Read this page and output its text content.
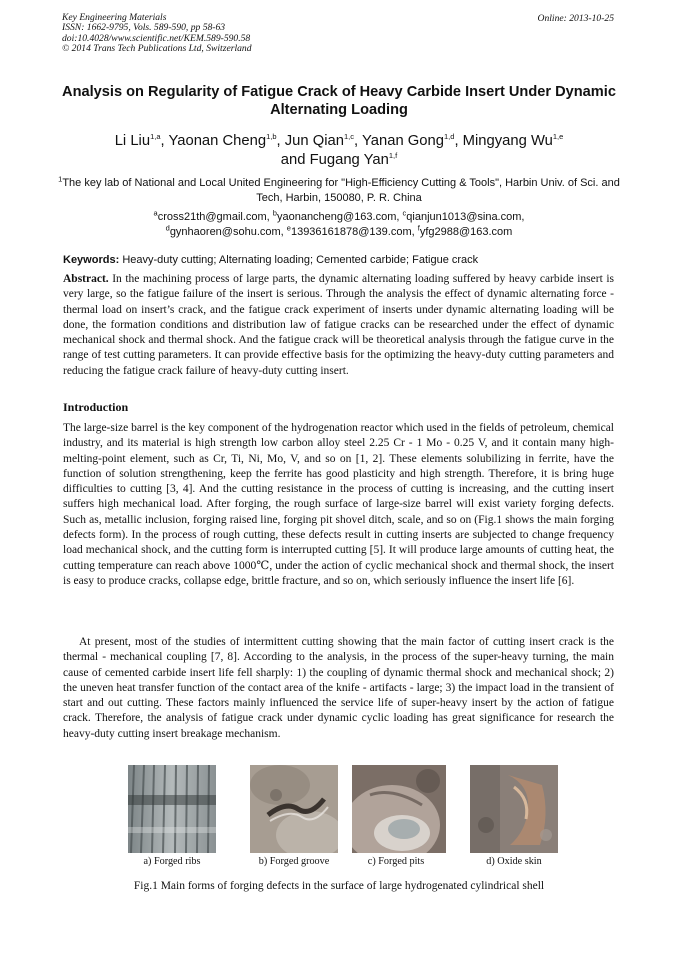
Key Engineering Materials
ISSN: 1662-9795, Vols. 589-590, pp 58-63
doi:10.4028/www.scientific.net/KEM.589-590.58
© 2014 Trans Tech Publications Ltd, Switzerland
Online: 2013-10-25
Analysis on Regularity of Fatigue Crack of Heavy Carbide Insert Under Dynamic Alternating Loading
Li Liu$^{1,a}$, Yaonan Cheng$^{1,b}$, Jun Qian$^{1,c}$, Yanan Gong$^{1,d}$, Mingyang Wu$^{1,e}$
and Fugang Yan$^{1,f}$
$^1$The key lab of National and Local United Engineering for "High-Efficiency Cutting & Tools", Harbin Univ. of Sci. and Tech, Harbin, 150080, P. R. China
$^a$cross21th@gmail.com, $^b$yaonancheng@163.com, $^c$qianjun1013@sina.com,
$^d$gynhaoren@sohu.com, $^e$13936161878@139.com, $^f$yfg2988@163.com
Keywords: Heavy-duty cutting; Alternating loading; Cemented carbide; Fatigue crack
Abstract. In the machining process of large parts, the dynamic alternating loading suffered by heavy carbide insert is very large, so the fatigue failure of the insert is serious. Through the analysis the effect of dynamic alternating force - thermal load on insert’s crack, and the fatigue crack experiment of inserts under dynamic alternating loading will be done, the formation conditions and distribution law of fatigue cracks can be researched under the effect of dynamic mechanical shock and thermal shock. And the fatigue crack will be theoretical analysis through the fatigue curve in the range of test cutting parameters. It can provide effective basis for the optimizing the heavy-duty cutting parameters and reducing the fatigue crack failure of heavy-duty cutting insert.
Introduction
The large-size barrel is the key component of the hydrogenation reactor which used in the fields of petroleum, chemical industry, and its material is high strength low carbon alloy steel 2.25 Cr - 1 Mo - 0.25 V, and it contain many high-melting-point element, such as Cr, Ti, Ni, Mo, V, and so on [1, 2]. These elements solubilizing in ferrite, have the function of solution strengthening, keep the ferrite has good plasticity and high strength. Therefore, it is bring huge difficulties to cutting [3, 4]. And the cutting resistance in the process of cutting is increasing, and the cutting insert suffers high mechanical load. After forging, the rough surface of large-size barrel will exist variety forging defects. Such as, metallic inclusion, forging raised line, forging pit shovel ditch, scale, and so on (Fig.1 shows the main forging defects form). In the process of rough cutting, these defects result in cutting inserts are subjected to change frequency load mechanical shock, and the cutting form is interrupted cutting [5]. It will produce large amounts of cutting heat, the cutting temperature can reach above 1000℃, under the action of cyclic mechanical shock and thermal shock, the insert is easy to produce cracks, collapse edge, brittle fracture, and so on, which seriously influence the insert life [6].
At present, most of the studies of intermittent cutting showing that the main factor of cutting insert crack is the thermal - mechanical coupling [7, 8]. According to the analysis, in the process of the super-heavy turning, the main cause of cemented carbide insert life fell sharply: 1) the coupling of dynamic thermal shock and mechanical shock; 2) the uneven heat transfer function of the contact area of the knife - artifacts - large; 3) the impact load in the transient of start and out cutting. These factors mainly influenced the service life of super-heavy insert by the action of fatigue crack. Therefore, the analysis of fatigue crack under dynamic cyclic loading has great significance for research the heavy-duty cutting insert breakage mechanism.
a) Forged ribs	b) Forged groove	c) Forged pits	d) Oxide skin
Fig.1 Main forms of forging defects in the surface of large hydrogenated cylindrical shell
